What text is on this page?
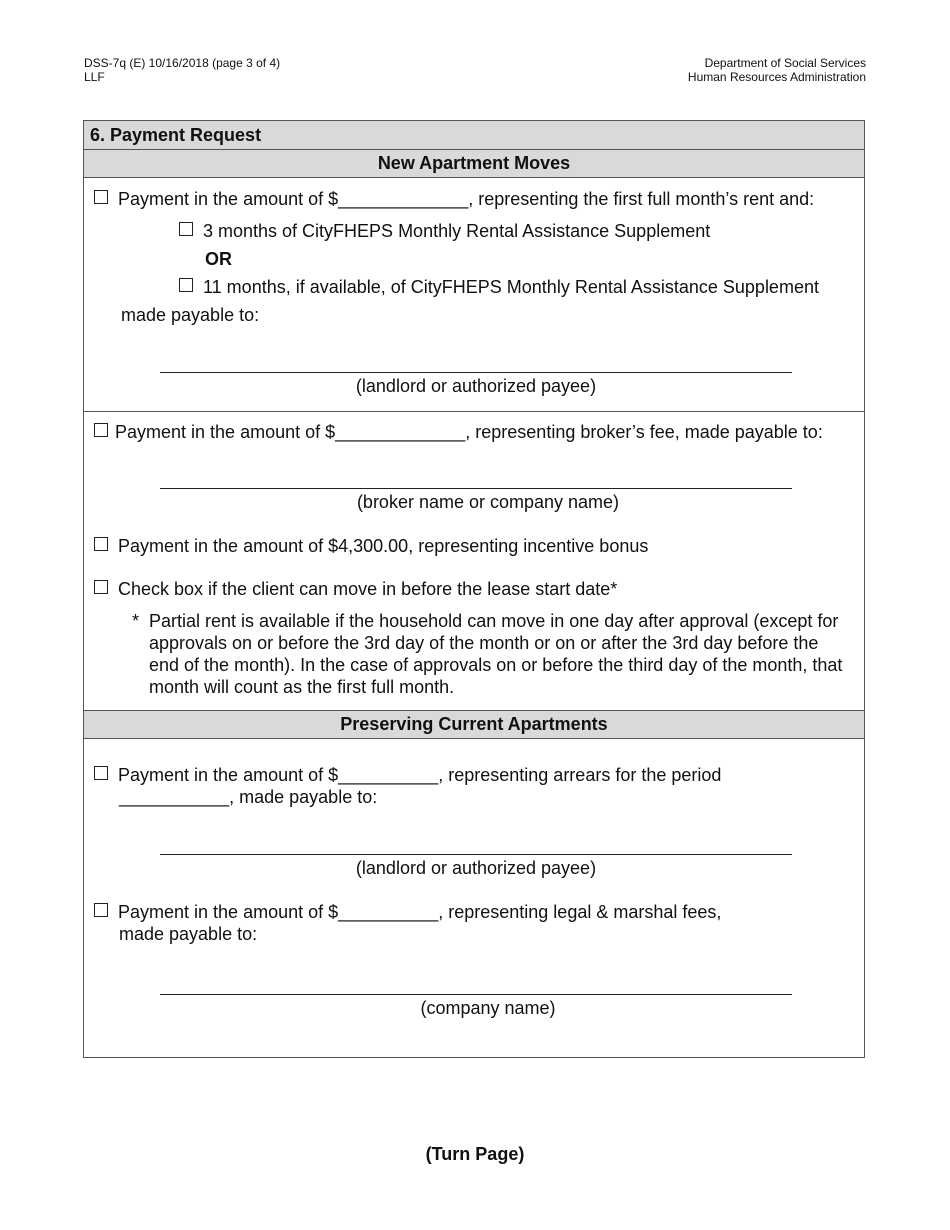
DSS-7q (E) 10/16/2018 (page 3 of 4)
LLF
Department of Social Services
Human Resources Administration
6. Payment Request
New Apartment Moves
Payment in the amount of $_____________, representing the first full month’s rent and:
3 months of CityFHEPS Monthly Rental Assistance Supplement
OR
11 months, if available, of CityFHEPS Monthly Rental Assistance Supplement
made payable to:
(landlord or authorized payee)
Payment in the amount of $_____________, representing broker’s fee, made payable to:
(broker name or company name)
Payment in the amount of $4,300.00, representing incentive bonus
Check box if the client can move in before the lease start date*
* Partial rent is available if the household can move in one day after approval (except for approvals on or before the 3rd day of the month or on or after the 3rd day before the end of the month). In the case of approvals on or before the third day of the month, that month will count as the first full month.
Preserving Current Apartments
Payment in the amount of $__________, representing arrears for the period
___________, made payable to:
(landlord or authorized payee)
Payment in the amount of $__________, representing legal & marshal fees,
made payable to:
(company name)
(Turn Page)
